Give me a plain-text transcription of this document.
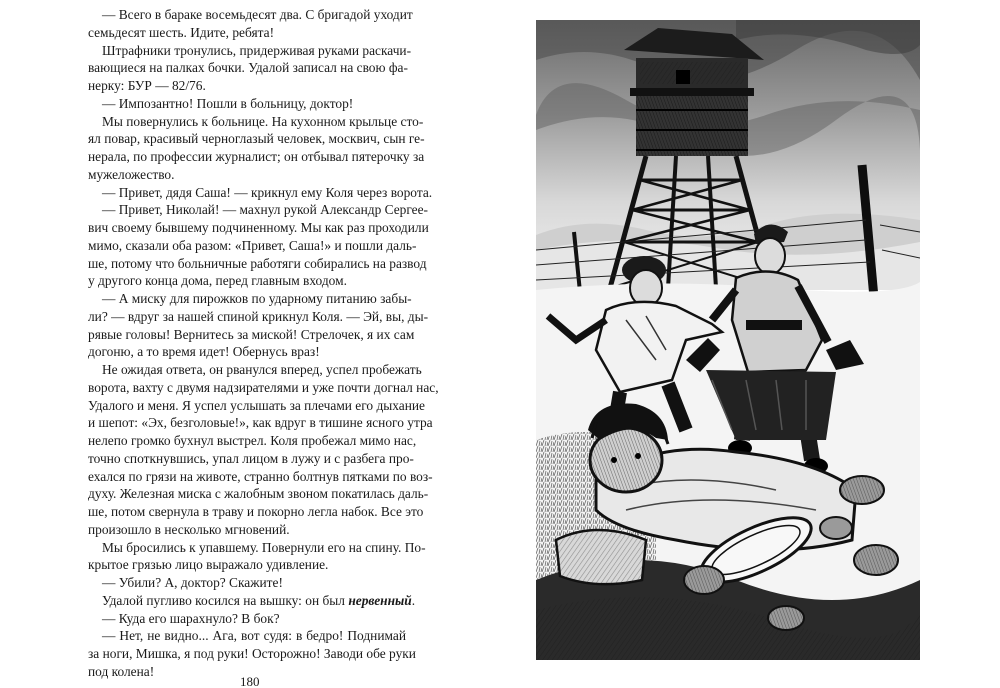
— Всего в бараке восемьдесят два. С бригадой уходит
семьдесят шесть. Идите, ребята!

Штрафники тронулись, придерживая руками раскачи-
вающиеся на палках бочки. Удалой записал на свою фа-
нерку: БУР — 82/76.

— Импозантно! Пошли в больницу, доктор!

Мы повернулись к больнице. На кухонном крыльце сто-
ял повар, красивый черноглазый человек, москвич, сын ге-
нерала, по профессии журналист; он отбывал пятерочку за
мужеложество.

— Привет, дядя Саша! — крикнул ему Коля через ворота.

— Привет, Николай! — махнул рукой Александр Сергее-
вич своему бывшему подчиненному. Мы как раз проходили
мимо, сказали оба разом: «Привет, Саша!» и пошли даль-
ше, потому что больничные работяги собирались на развод
у другого конца дома, перед главным входом.

— А миску для пирожков по ударному питанию забы-
ли? — вдруг за нашей спиной крикнул Коля. — Эй, вы, ды-
рявые головы! Вернитесь за миской! Стрелочек, я их сам
догоню, а то время идет! Обернусь враз!

Не ожидая ответа, он рванулся вперед, успел пробежать
ворота, вахту с двумя надзирателями и уже почти догнал нас,
Удалого и меня. Я успел услышать за плечами его дыхание
и шепот: «Эх, безголовые!», как вдруг в тишине ясного утра
нелепо громко бухнул выстрел. Коля пробежал мимо нас,
точно споткнувшись, упал лицом в лужу и с разбега про-
ехался по грязи на животе, странно болтнув пятками по воз-
духу. Железная миска с жалобным звоном покатилась даль-
ше, потом свернула в траву и покорно легла набок. Все это
произошло в несколько мгновений.

Мы бросились к упавшему. Повернули его на спину. По-
крытое грязью лицо выражало удивление.

— Убили? А, доктор? Скажите!

Удалой пугливо косился на вышку: он был нервенный.

— Куда его шарахнуло? В бок?

— Нет, не видно... Ага, вот судя: в бедро! Поднимай
за ноги, Мишка, я под руки! Осторожно! Заводи обе руки
под колена!

180
